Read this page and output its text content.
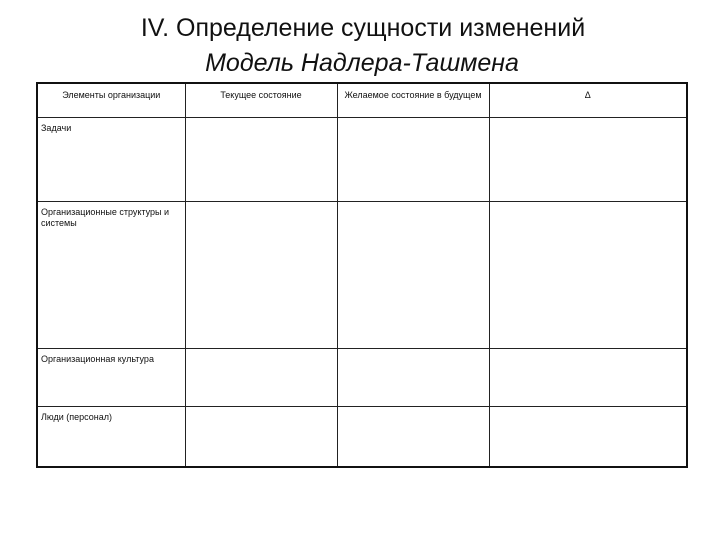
IV. Определение сущности изменений
Модель Надлера-Ташмена
Элементы организации	Текущее состояние	Желаемое состояние в будущем	Δ

Задачи			

Организационные структуры и системы			

Организационная культура			

Люди (персонал)			
